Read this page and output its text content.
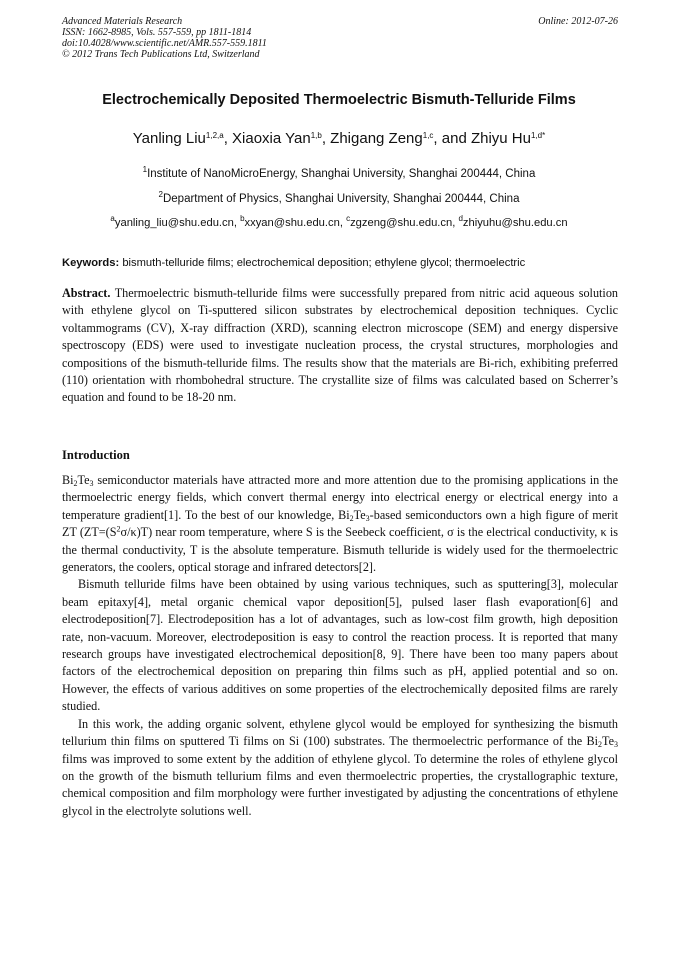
Advanced Materials Research
ISSN: 1662-8985, Vols. 557-559, pp 1811-1814
doi:10.4028/www.scientific.net/AMR.557-559.1811
© 2012 Trans Tech Publications Ltd, Switzerland
Online: 2012-07-26
Electrochemically Deposited Thermoelectric Bismuth-Telluride Films
Yanling Liu$^{1,2,a}$, Xiaoxia Yan$^{1,b}$, Zhigang Zeng$^{1,c}$, and Zhiyu $Hu^{1,d*}$
$^1$Institute of NanoMicroEnergy, Shanghai University, Shanghai 200444, China
$^2$Department of Physics, Shanghai University, Shanghai 200444, China
$^a$yanling_liu@shu.edu.cn, $^b$xxyan@shu.edu.cn, $^c$zgzeng@shu.edu.cn, $^d$zhiyuhu@shu.edu.cn
Keywords: bismuth-telluride films; electrochemical deposition; ethylene glycol; thermoelectric

Abstract. Thermoelectric bismuth-telluride films were successfully prepared from nitric acid aqueous solution with ethylene glycol on Ti-sputtered silicon substrates by electrochemical deposition techniques. Cyclic voltammograms (CV), X-ray diffraction (XRD), scanning electron microscope (SEM) and energy dispersive spectroscopy (EDS) were used to investigate nucleation process, the crystal structures, morphologies and compositions of the bismuth-telluride films. The results show that the materials are Bi-rich, exhibiting preferred (110) orientation with rhombohedral structure. The crystallite size of films was calculated based on Scherrer’s equation and found to be 18-20 nm.

Introduction

$Bi_2Te_3$ semiconductor materials have attracted more and more attention due to the promising applications in the thermoelectric energy fields, which convert thermal energy into electrical energy or electrical energy into a temperature gradient[1]. To the best of our knowledge, $Bi_2Te_3$-based semiconductors own a high figure of merit ZT $(ZT=(S^2\sigma/\kappa)T)$ near room temperature, where S is the Seebeck coefficient, σ is the electrical conductivity, κ is the thermal conductivity, T is the absolute temperature. Bismuth telluride is widely used for the thermoelectric generators, the coolers, optical storage and infrared detectors[2].

Bismuth telluride films have been obtained by using various techniques, such as sputtering[3], molecular beam epitaxy[4], metal organic chemical vapor deposition[5], pulsed laser flash evaporation[6] and electrodeposition[7]. Electrodeposition has a lot of advantages, such as low-cost film growth, high deposition rate, non-vacuum. Moreover, electrodeposition is easy to control the reaction process. It is reported that many research groups have investigated electrochemical deposition[8, 9]. There have been too many papers about factors of the electrochemical deposition on preparing thin films such as pH, applied potential and so on. However, the effects of various additives on some properties of the electrochemically deposited films are rarely studied.

In this work, the adding organic solvent, ethylene glycol would be employed for synthesizing the bismuth tellurium thin films on sputtered Ti films on Si (100) substrates. The thermoelectric performance of the $Bi_2Te_3$ films was improved to some extent by the addition of ethylene glycol. To determine the roles of ethylene glycol on the growth of the bismuth tellurium films and even thermoelectric properties, the crystallographic texture, chemical composition and film morphology were further investigated by adjusting the concentrations of ethylene glycol in the electrolyte solutions well.
